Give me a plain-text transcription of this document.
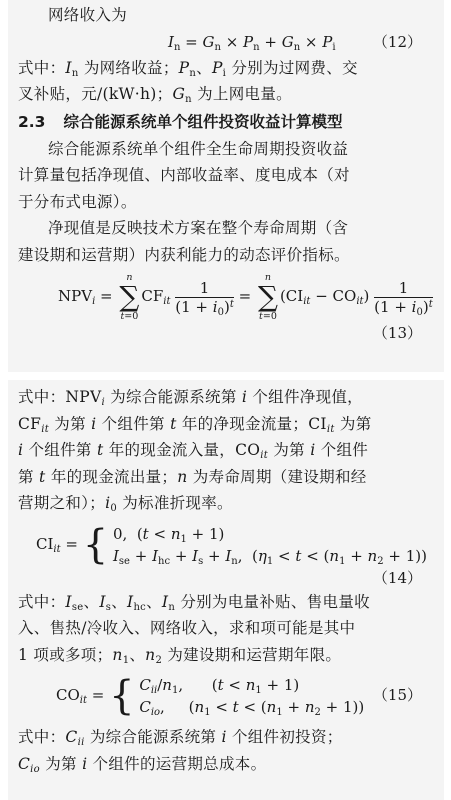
网络收入为
$I_n = G_n \times P_n + G_n \times P_i$ （12）
式中：$I_n$ 为网络收益；$P_n$、$P_i$ 分别为过网费、交
叉补贴，元/(kW·h)；$G_n$ 为上网电量。
2.3 综合能源系统单个组件投资收益计算模型
综合能源系统单个组件全生命周期投资收益
计算量包括净现值、内部收益率、度电成本（对
于分布式电源）。
净现值是反映技术方案在整个寿命周期（含
建设期和运营期）内获利能力的动态评价指标。
$NPV_i = n$
∑
$t=0CF_{it} \frac{1}{(1 + i_0)^t} = n$
∑
$t=0(CI_{it} - CO_{it}) \frac{1}{(1 + i_0)^t}$
（13）
式中：$NPV_i$ 为综合能源系统第 i 个组件净现值，
$CF_{it}$ 为第 i 个组件第 t 年的净现金流量；$CI_{it}$ 为第
i 个组件第 t 年的现金流入量，$CO_{it}$ 为第 i 个组件
第 t 年的现金流出量；n 为寿命周期（建设期和经
营期之和）；$i_0$ 为标准折现率。
$CI_{it}$ = { 0,  $(t < n_1 + 1)$
$I_{se} + I_{hc} + I_s + I_n$,  $(\eta_1 < t < (n_1 + n_2 + 1))$
（14）
式中：$I_{se}$、$I_s$、$I_{hc}$、$I_n$ 分别为电量补贴、售电量收
入、售热/冷收入、网络收入，求和项可能是其中
1 项或多项；$n_1$、$n_2$ 为建设期和运营期年限。
$CO_{it}$ = { $C_{ii}/n_1$,      $(t < n_1 + 1)$
$C_{io}$,     $(n_1 < t < (n_1 + n_2 + 1))$
（15）
式中：$C_{ii}$ 为综合能源系统第 i 个组件初投资；
$C_{io}$ 为第 i 个组件的运营期总成本。
